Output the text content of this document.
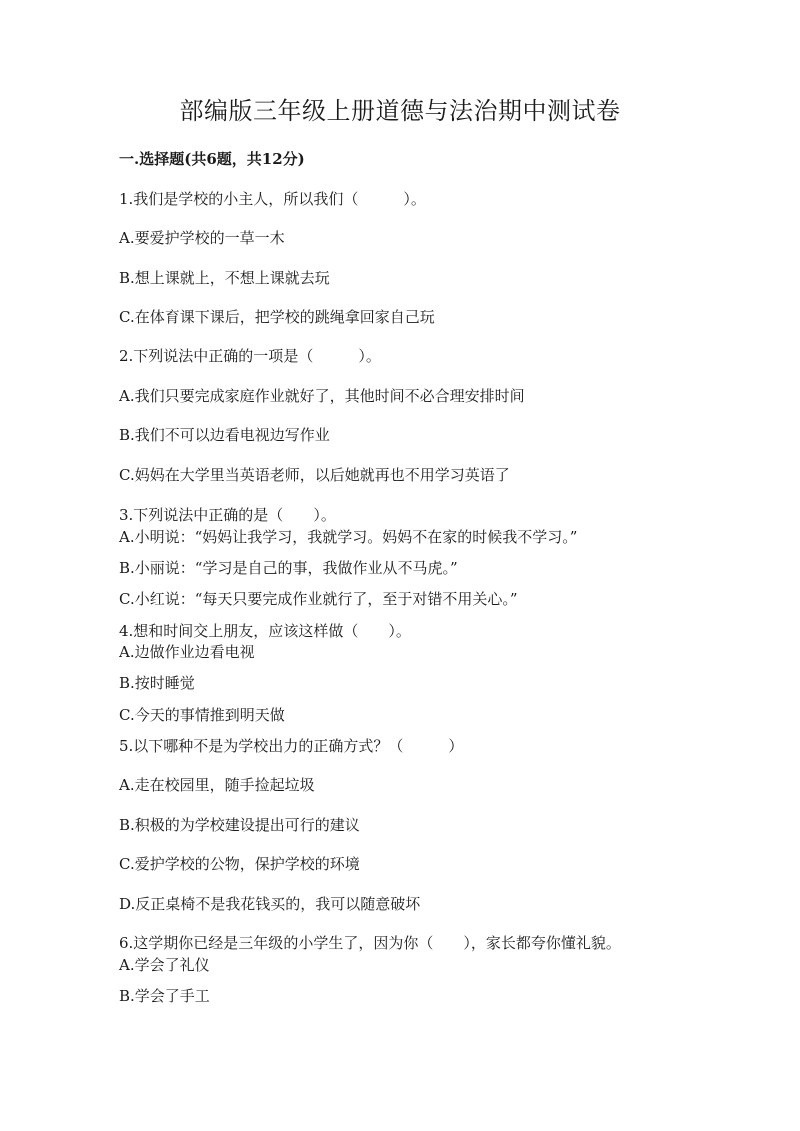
部编版三年级上册道德与法治期中测试卷
一.选择题(共6题，共12分)
1.我们是学校的小主人，所以我们（　　　）。
A.要爱护学校的一草一木
B.想上课就上，不想上课就去玩
C.在体育课下课后，把学校的跳绳拿回家自己玩
2.下列说法中正确的一项是（　　　）。
A.我们只要完成家庭作业就好了，其他时间不必合理安排时间
B.我们不可以边看电视边写作业
C.妈妈在大学里当英语老师，以后她就再也不用学习英语了
3.下列说法中正确的是（　　）。
A.小明说：“妈妈让我学习，我就学习。妈妈不在家的时候我不学习。”
B.小丽说：“学习是自己的事，我做作业从不马虎。”
C.小红说：“每天只要完成作业就行了，至于对错不用关心。”
4.想和时间交上朋友，应该这样做（　　）。
A.边做作业边看电视
B.按时睡觉
C.今天的事情推到明天做
5.以下哪种不是为学校出力的正确方式？（　　　）
A.走在校园里，随手捡起垃圾
B.积极的为学校建设提出可行的建议
C.爱护学校的公物，保护学校的环境
D.反正桌椅不是我花钱买的，我可以随意破坏
6.这学期你已经是三年级的小学生了，因为你（　　），家长都夸你懂礼貌。
A.学会了礼仪
B.学会了手工
